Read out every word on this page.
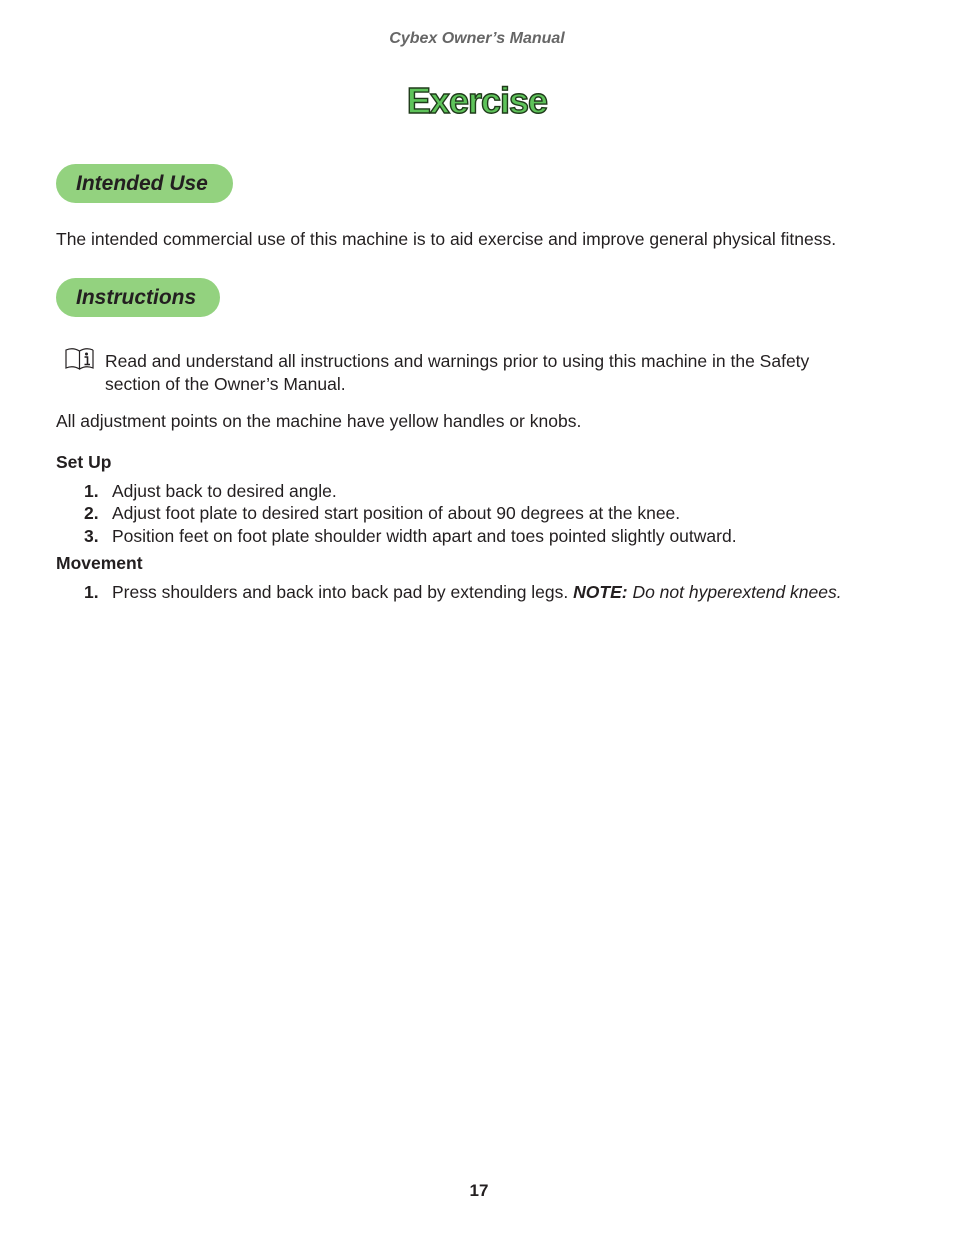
Cybex Owner’s Manual
Exercise
Intended Use
The intended commercial use of this machine is to aid exercise and improve general physical fitness.
Instructions
Read and understand all instructions and warnings prior to using this machine in the Safety
section of the Owner’s Manual.
All adjustment points on the machine have yellow handles or knobs.
Set Up
1. Adjust back to desired angle.
2. Adjust foot plate to desired start position of about 90 degrees at the knee.
3. Position feet on foot plate shoulder width apart and toes pointed slightly outward.
Movement
1. Press shoulders and back into back pad by extending legs. NOTE: Do not hyperextend knees.
17
